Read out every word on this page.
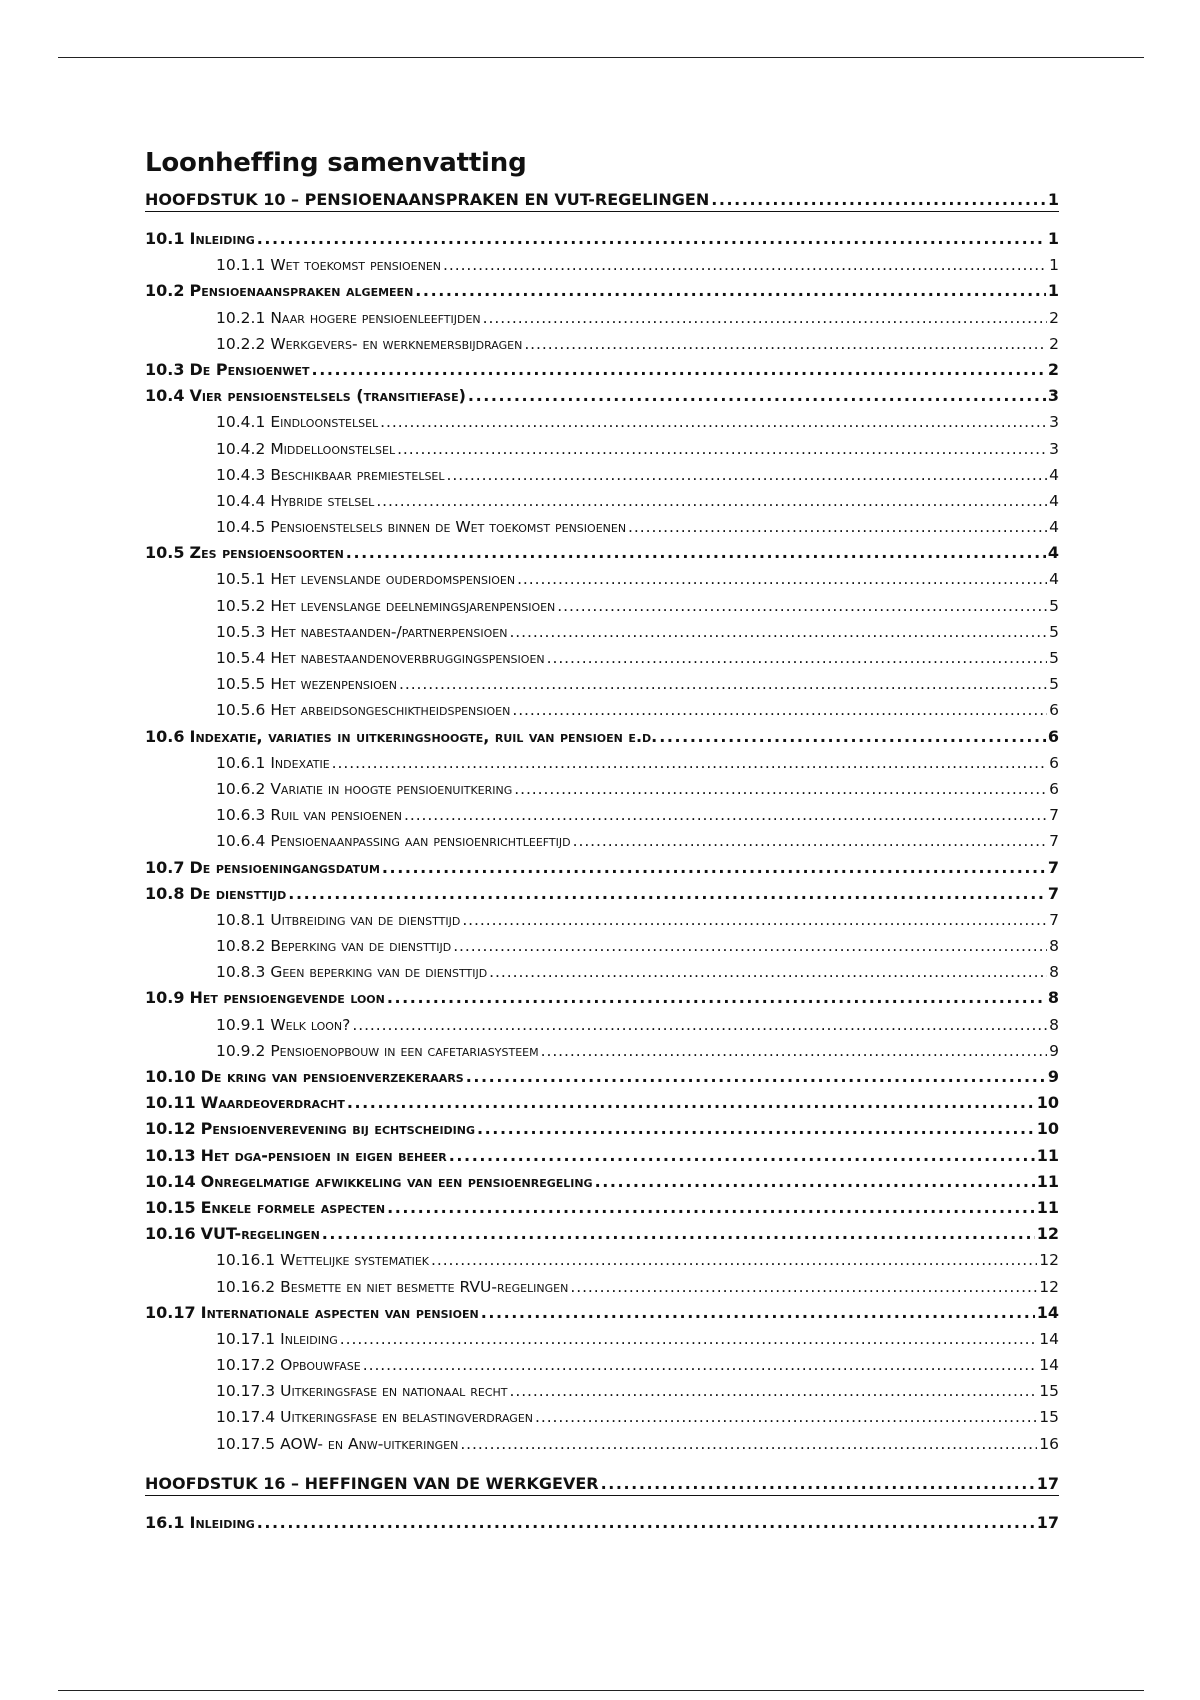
Loonheffing samenvatting
HOOFDSTUK 10 – PENSIOENAANSPRAKEN EN VUT-REGELINGEN . . .	1
10.1 Inleiding . . .	1
10.1.1 Wet toekomst pensioenen . . .	1
10.2 Pensioenaanspraken algemeen . . .	1
10.2.1 Naar hogere pensioenleeftijden . . .	2
10.2.2 Werkgevers- en werknemersbijdragen . . .	2
10.3 De Pensioenwet . . .	2
10.4 Vier pensioenstelsels (transitiefase) . . .	3
10.4.1 Eindloonstelsel . . .	3
10.4.2 Middelloonstelsel . . .	3
10.4.3 Beschikbaar premiestelsel . . .	4
10.4.4 Hybride stelsel . . .	4
10.4.5 Pensioenstelsels binnen de Wet toekomst pensioenen . . .	4
10.5 Zes pensioensoorten . . .	4
10.5.1 Het levenslande ouderdomspensioen . . .	4
10.5.2 Het levenslange deelnemingsjarenpensioen . . .	5
10.5.3 Het nabestaanden-/partnerpensioen . . .	5
10.5.4 Het nabestaandenoverbruggingspensioen . . .	5
10.5.5 Het wezenpensioen . . .	5
10.5.6 Het arbeidsongeschiktheidspensioen . . .	6
10.6 Indexatie, variaties in uitkeringshoogte, ruil van pensioen e.d. . . .	6
10.6.1 Indexatie . . .	6
10.6.2 Variatie in hoogte pensioenuitkering . . .	6
10.6.3 Ruil van pensioenen . . .	7
10.6.4 Pensioenaanpassing aan pensioenrichtleeftijd . . .	7
10.7 De pensioeningangsdatum . . .	7
10.8 De diensttijd . . .	7
10.8.1 Uitbreiding van de diensttijd . . .	7
10.8.2 Beperking van de diensttijd . . .	8
10.8.3 Geen beperking van de diensttijd . . .	8
10.9 Het pensioengevende loon . . .	8
10.9.1 Welk loon? . . .	8
10.9.2 Pensioenopbouw in een cafetariasysteem . . .	9
10.10 De kring van pensioenverzekeraars . . .	9
10.11 Waardeoverdracht . . .	10
10.12 Pensioenverevening bij echtscheiding . . .	10
10.13 Het dga-pensioen in eigen beheer . . .	11
10.14 Onregelmatige afwikkeling van een pensioenregeling . . .	11
10.15 Enkele formele aspecten . . .	11
10.16 VUT-regelingen . . .	12
10.16.1 Wettelijke systematiek . . .	12
10.16.2 Besmette en niet besmette RVU-regelingen . . .	12
10.17 Internationale aspecten van pensioen . . .	14
10.17.1 Inleiding . . .	14
10.17.2 Opbouwfase . . .	14
10.17.3 Uitkeringsfase en nationaal recht . . .	15
10.17.4 Uitkeringsfase en belastingverdragen . . .	15
10.17.5 AOW- en Anw-uitkeringen . . .	16
HOOFDSTUK 16 – HEFFINGEN VAN DE WERKGEVER . . .	17
16.1 Inleiding . . .	17
